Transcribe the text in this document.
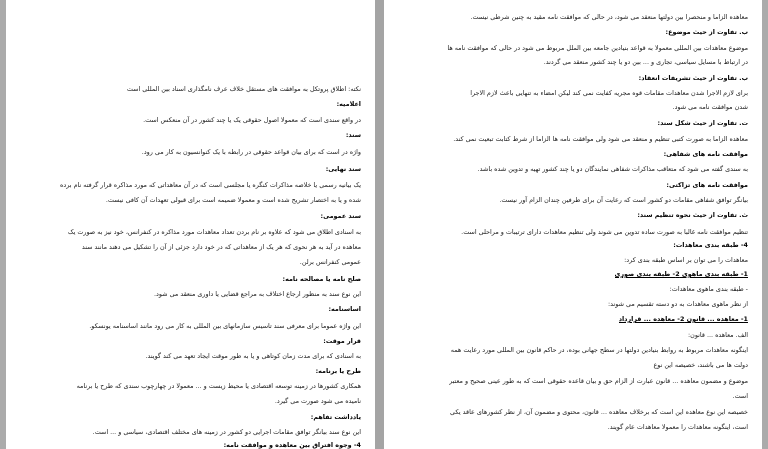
نکته: اطلاق پروتکل به موافقت های مستقل خلاف عرف نامگذاری اسناد بین المللی است
اعلامیه:
در واقع سندی است که معمولا اصول حقوقی یک یا چند کشور در آن منعکس است.
سند:
واژه در است که برای بیان قواعد حقوقی در رابطه با یک کنوانسیون به کار می رود.
سند نهایی:
یک بیانیه رسمی یا خلاصه مذاکرات کنگره یا مجلسی است که در آن معاهداتی که مورد مذاکره قرار گرفته نام برده
شده و یا به اختصار تشریح شده است و معمولا ضمیمه است برای قبولی تعهدات آن کافی نیست.
سند عمومی:
به اسنادی اطلاق می شود که علاوه بر نام بردن تعداد معاهدات مورد مذاکره در کنفرانس، خود نیز به صورت یک
معاهده در آید به هر نحوی که هر یک از معاهداتی که در خود دارد جزئی از آن را تشکیل می دهند مانند سند
عمومی کنفرانس برلن.
صلح نامه یا مصالحه نامه:
این نوع سند به منظور ارجاع اختلاف به مراجع قضایی یا داوری منعقد می شود.
اساسنامه:
این واژه عموما برای معرفی سند تاسیس سازمانهای بین المللی به کار می رود مانند اساسنامه یونسکو.
قرار موقت:
به اسنادی که برای مدت زمان کوتاهی و یا به طور موقت ایجاد تعهد می کند گویند.
طرح یا برنامه:
همکاری کشورها در زمینه توسعه اقتصادی یا محیط زیست و ... معمولا در چهارچوب سندی که طرح یا برنامه
نامیده می شود صورت می گیرد.
یادداشت تفاهم:
این نوع سند بیانگر توافق مقامات اجرایی دو کشور در زمینه های مختلف اقتصادی، سیاسی و ... است.
4- وجوه افتراق بین معاهده و موافقت نامه:
معاهده الزاما و منحصرا بین دولتها منعقد می شود، در حالی که موافقت نامه مقید به چنین شرطی نیست.
ب. تفاوت از حیث موضوع:
موضوع معاهدات بین المللی معمولا به قواعد بنیادین جامعه بین الملل مربوط می شود در حالی که موافقت نامه ها
در ارتباط با مسایل سیاسی، تجاری و ... بین دو یا چند کشور منعقد می گردند.
ب. تفاوت از حیث تشریفات انعقاد:
برای لازم الاجرا شدن معاهدات مقامات قوه مجریه کفایت نمی کند لیکن امضاء به تنهایی باعث لازم الاجرا
شدن موافقت نامه می شود.
ت. تفاوت از حیث شکل سند:
معاهده الزاما به صورت کتبی تنظیم و منعقد می شود ولی موافقت نامه ها الزاما از شرط کتابت تبعیت نمی کند.
موافقت نامه های شفاهی:
به سندی گفته می شود که متعاقب مذاکرات شفاهی نمایندگان دو یا چند کشور تهیه و تدوین شده باشد.
موافقت نامه های تزاکتی:
بیانگر توافق شفاهی مقامات دو کشور است که رعایت آن برای طرفین چندان الزام آور نیست.
ث. تفاوت از حیث نحوه تنظیم سند:
تنظیم موافقت نامه غالبا به صورت ساده تدوین می شوند ولی تنظیم معاهدات دارای ترتیبات و مراحلی است.
4- طبقه بندی معاهدات:
معاهدات را می توان بر اساس طبقه بندی کرد:
1- طبقه بندی ماهوی 2- طبقه بندی صوری
- طبقه بندی ماهوی معاهدات:
از نظر ماهوی معاهدات به دو دسته تقسیم می شوند:
1- معاهده ... قانون 2- معاهده ... قرارداد
الف. معاهده ... قانون:
اینگونه معاهدات مربوط به روابط بنیادین دولتها در سطح جهانی بوده، در حاکم قانون بین المللی مورد رعایت همه
دولت ها می باشند، خصیصه این نوع
موضوع و مضمون معاهده ... قانون عبارت از الزام حق و بیان قاعده حقوقی است که به طور عینی صحیح و معتبر
است.
خصیصه این نوع معاهده این است که برخلاف معاهده ... قانون، محتوی و مضمون آن، از نظر کشورهای عاقد یکی
است، اینگونه معاهدات را معمولا معاهدات عام گویند.
